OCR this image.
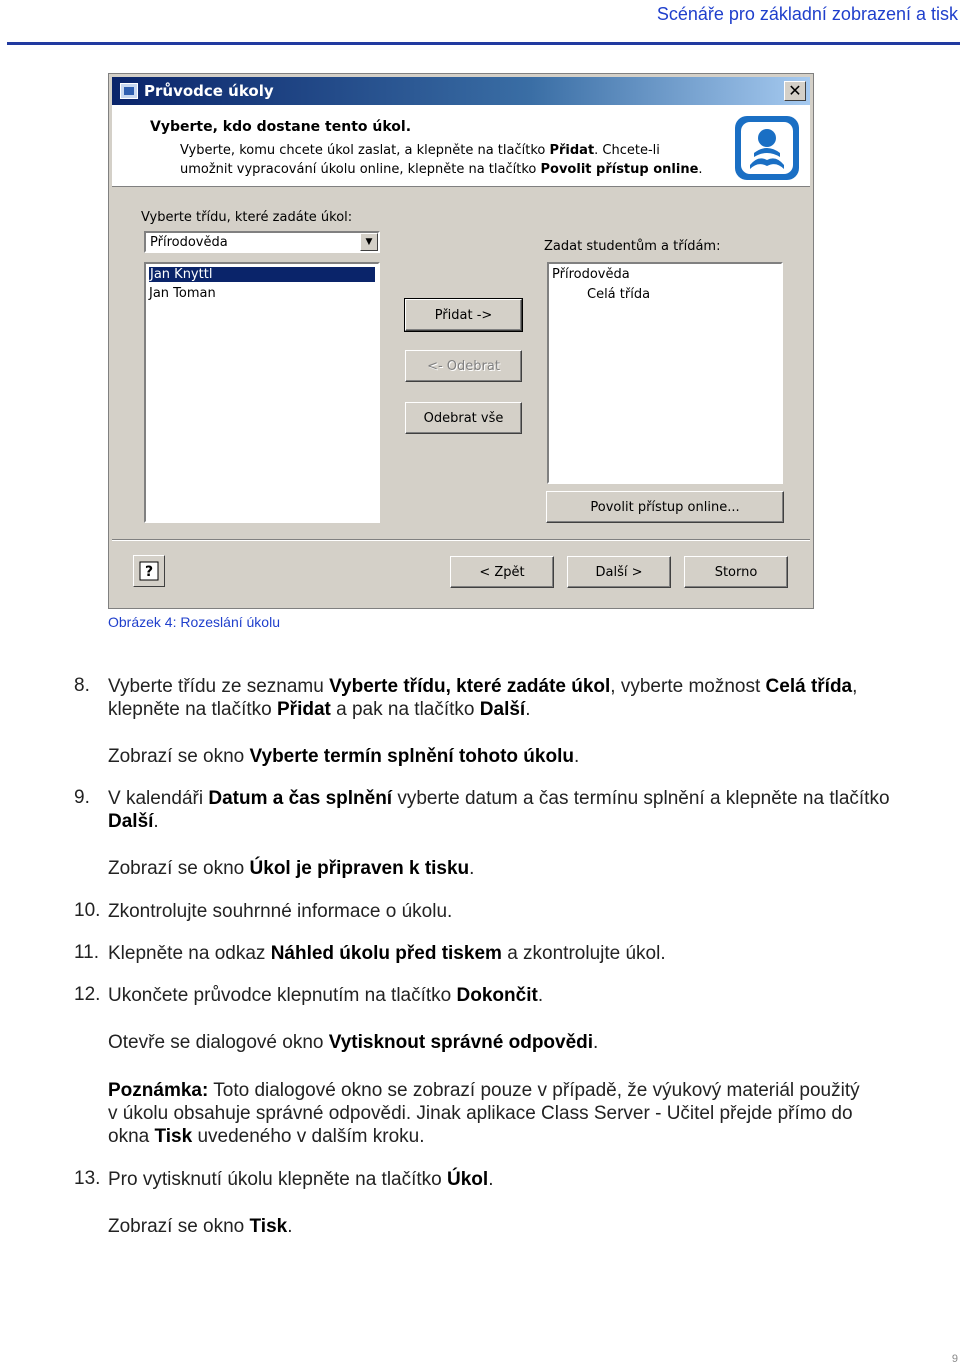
Scénáře pro základní zobrazení a tisk
Průvodce úkoly	✕
Vyberte, kdo dostane tento úkol.
Vyberte, komu chcete úkol zaslat, a klepněte na tlačítko Přidat. Chcete-li
umožnit vypracování úkolu online, klepněte na tlačítko Povolit přístup online.
Vyberte třídu, které zadáte úkol:
Přírodověda	▼
Jan Knyttl
Jan Toman
Přidat ->
<- Odebrat
Odebrat vše
Zadat studentům a třídám:
Přírodověda
Celá třída
Povolit přístup online...
?	< Zpět	Další >	Storno
Obrázek 4: Rozeslání úkolu
8. Vyberte třídu ze seznamu Vyberte třídu, které zadáte úkol, vyberte možnost Celá třída,
klepněte na tlačítko Přidat a pak na tlačítko Další.
Zobrazí se okno Vyberte termín splnění tohoto úkolu.
9. V kalendáři Datum a čas splnění vyberte datum a čas termínu splnění a klepněte na tlačítko
Další.
Zobrazí se okno Úkol je připraven k tisku.
10. Zkontrolujte souhrnné informace o úkolu.
11. Klepněte na odkaz Náhled úkolu před tiskem a zkontrolujte úkol.
12. Ukončete průvodce klepnutím na tlačítko Dokončit.
Otevře se dialogové okno Vytisknout správné odpovědi.
Poznámka: Toto dialogové okno se zobrazí pouze v případě, že výukový materiál použitý
v úkolu obsahuje správné odpovědi. Jinak aplikace Class Server - Učitel přejde přímo do
okna Tisk uvedeného v dalším kroku.
13. Pro vytisknutí úkolu klepněte na tlačítko Úkol.
Zobrazí se okno Tisk.
9
